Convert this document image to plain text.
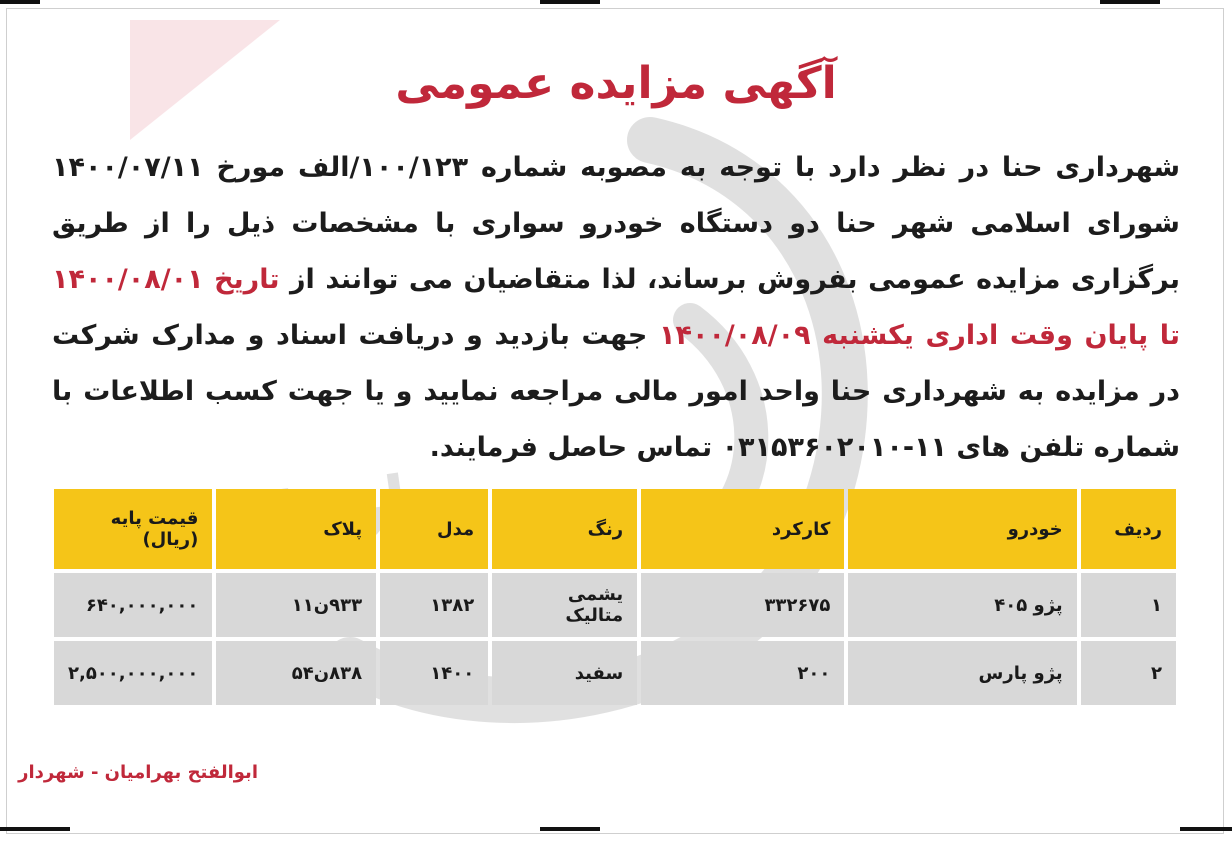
آگهی مزایده عمومی
شهرداری حنا در نظر دارد با توجه به مصوبه شماره ۱۰۰/۱۲۳/الف مورخ ۱۴۰۰/۰۷/۱۱ شورای اسلامی شهر حنا دو دستگاه خودرو سواری با مشخصات ذیل را از طریق برگزاری مزایده عمومی بفروش برساند، لذا متقاضیان می توانند از تاریخ ۱۴۰۰/۰۸/۰۱ تا پایان وقت اداری یکشنبه ۱۴۰۰/۰۸/۰۹ جهت بازدید و دریافت اسناد و مدارک شرکت در مزایده به شهرداری حنا واحد امور مالی مراجعه نمایید و یا جهت کسب اطلاعات با شماره تلفن های ۱۱-۰۳۱۵۳۶۰۲۰۱۰ تماس حاصل فرمایند.
ردیف	خودرو	کارکرد	رنگ	مدل	پلاک	قیمت پایه (ریال)
۱	پژو ۴۰۵	۳۳۲۶۷۵	یشمی متالیک	۱۳۸۲	۹۳۳ن۱۱	۶۴۰,۰۰۰,۰۰۰
۲	پژو پارس	۲۰۰	سفید	۱۴۰۰	۸۳۸ن۵۴	۲,۵۰۰,۰۰۰,۰۰۰
ابوالفتح بهرامیان - شهردار
